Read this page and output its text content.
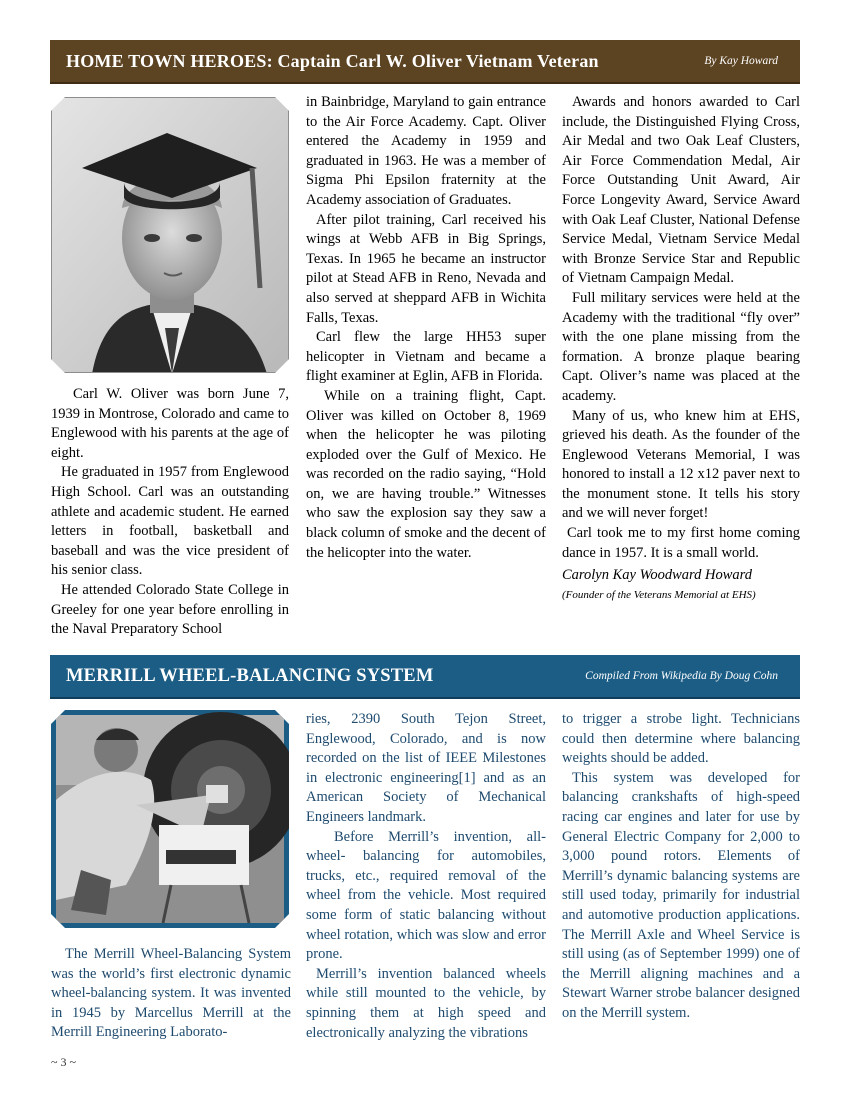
HOME TOWN HEROES: Captain Carl W. Oliver Vietnam Veteran	By Kay Howard

Carl W. Oliver was born June 7, 1939 in Montrose, Colorado and came to Englewood with his parents at the age of eight.

He graduated in 1957 from Englewood High School. Carl was an outstanding athlete and academic student. He earned letters in football, basketball and baseball and was the vice president of his senior class.

He attended Colorado State College in Greeley for one year before enrolling in the Naval Preparatory School

in Bainbridge, Maryland to gain entrance to the Air Force Academy. Capt. Oliver entered the Academy in 1959 and graduated in 1963. He was a member of Sigma Phi Epsilon fraternity at the Academy association of Graduates.

After pilot training, Carl received his wings at Webb AFB in Big Springs, Texas. In 1965 he became an instructor pilot at Stead AFB in Reno, Nevada and also served at sheppard AFB in Wichita Falls, Texas.

Carl flew the large HH53 super helicopter in Vietnam and became a flight examiner at Eglin, AFB in Florida.

While on a training flight, Capt. Oliver was killed on October 8, 1969 when the helicopter he was piloting exploded over the Gulf of Mexico. He was recorded on the radio saying, “Hold on, we are having trouble.” Witnesses who saw the explosion say they saw a black column of smoke and the decent of the helicopter into the water.

Awards and honors awarded to Carl include, the Distinguished Flying Cross, Air Medal and two Oak Leaf Clusters, Air Force Commendation Medal, Air Force Outstanding Unit Award, Air Force Longevity Award, Service Award with Oak Leaf Cluster, National Defense Service Medal, Vietnam Service Medal with Bronze Service Star and Republic of Vietnam Campaign Medal.

Full military services were held at the Academy with the traditional “fly over” with the one plane missing from the formation. A bronze plaque bearing Capt. Oliver’s name was placed at the academy.

Many of us, who knew him at EHS, grieved his death. As the founder of the Englewood Veterans Memorial, I was honored to install a 12 x12 paver next to the monument stone. It tells his story and we will never forget!

Carl took me to my first home coming dance in 1957. It is a small world.

Carolyn Kay Woodward Howard

(Founder of the Veterans Memorial at EHS)

MERRILL WHEEL-BALANCING SYSTEM	Compiled From Wikipedia By Doug Cohn

The Merrill Wheel-Balancing System was the world’s first electronic dynamic wheel-balancing system. It was invented in 1945 by Marcellus Merrill at the Merrill Engineering Laborato-

ries, 2390 South Tejon Street, Englewood, Colorado, and is now recorded on the list of IEEE Milestones in electronic engineering[1] and as an American Society of Mechanical Engineers landmark.

Before Merrill’s invention, all-wheel- balancing for automobiles, trucks, etc., required removal of the wheel from the vehicle. Most required some form of static balancing without wheel rotation, which was slow and error prone.

Merrill’s invention balanced wheels while still mounted to the vehicle, by spinning them at high speed and electronically analyzing the vibrations

to trigger a strobe light. Technicians could then determine where balancing weights should be added.

This system was developed for balancing crankshafts of high-speed racing car engines and later for use by General Electric Company for 2,000 to 3,000 pound rotors. Elements of Merrill’s dynamic balancing systems are still used today, primarily for industrial and automotive production applications. The Merrill Axle and Wheel Service is still using (as of September 1999) one of the Merrill aligning machines and a Stewart Warner strobe balancer designed on the Merrill system.

~ 3 ~
